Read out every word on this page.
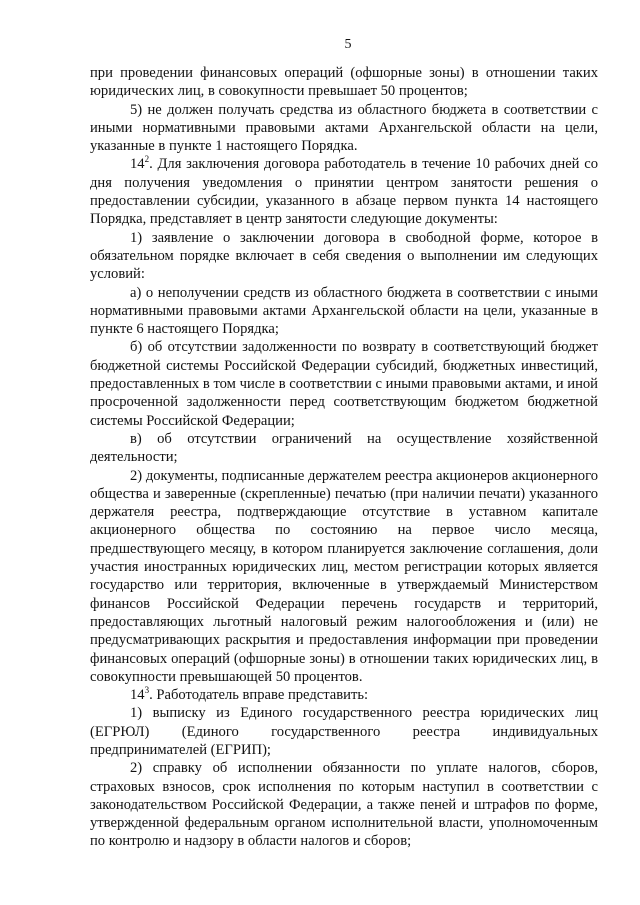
5

при проведении финансовых операций (офшорные зоны) в отношении таких юридических лиц, в совокупности превышает 50 процентов;

5) не должен получать средства из областного бюджета в соответствии с иными нормативными правовыми актами Архангельской области на цели, указанные в пункте 1 настоящего Порядка.

$14^2$. Для заключения договора работодатель в течение 10 рабочих дней со дня получения уведомления о принятии центром занятости решения о предоставлении субсидии, указанного в абзаце первом пункта 14 настоящего Порядка, представляет в центр занятости следующие документы:

1) заявление о заключении договора в свободной форме, которое в обязательном порядке включает в себя сведения о выполнении им следующих условий:

а) о неполучении средств из областного бюджета в соответствии с иными нормативными правовыми актами Архангельской области на цели, указанные в пункте 6 настоящего Порядка;

б) об отсутствии задолженности по возврату в соответствующий бюджет бюджетной системы Российской Федерации субсидий, бюджетных инвестиций, предоставленных в том числе в соответствии с иными правовыми актами, и иной просроченной задолженности перед соответствующим бюджетом бюджетной системы Российской Федерации;

в) об отсутствии ограничений на осуществление хозяйственной деятельности;

2) документы, подписанные держателем реестра акционеров акционерного общества и заверенные (скрепленные) печатью (при наличии печати) указанного держателя реестра, подтверждающие отсутствие в уставном капитале акционерного общества по состоянию на первое число месяца, предшествующего месяцу, в котором планируется заключение соглашения, доли участия иностранных юридических лиц, местом регистрации которых является государство или территория, включенные в утверждаемый Министерством финансов Российской Федерации перечень государств и территорий, предоставляющих льготный налоговый режим налогообложения и (или) не предусматривающих раскрытия и предоставления информации при проведении финансовых операций (офшорные зоны) в отношении таких юридических лиц, в совокупности превышающей 50 процентов.

$14^3$. Работодатель вправе представить:

1) выписку из Единого государственного реестра юридических лиц (ЕГРЮЛ) (Единого государственного реестра индивидуальных предпринимателей (ЕГРИП);

2) справку об исполнении обязанности по уплате налогов, сборов, страховых взносов, срок исполнения по которым наступил в соответствии с законодательством Российской Федерации, а также пеней и штрафов по форме, утвержденной федеральным органом исполнительной власти, уполномоченным по контролю и надзору в области налогов и сборов;
